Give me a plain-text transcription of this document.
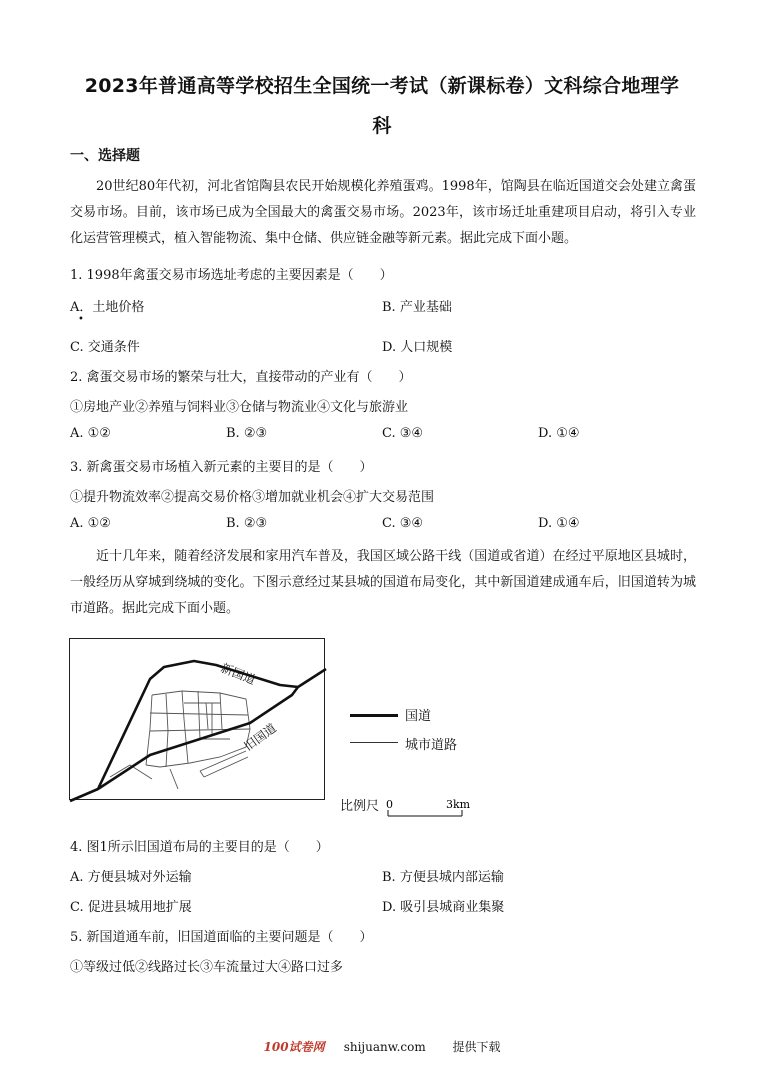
2023年普通高等学校招生全国统一考试（新课标卷）文科综合地理学
科
一、选择题
20世纪80年代初，河北省馆陶县农民开始规模化养殖蛋鸡。1998年，馆陶县在临近国道交会处建立禽蛋交易市场。目前，该市场已成为全国最大的禽蛋交易市场。2023年，该市场迁址重建项目启动，将引入专业化运营管理模式，植入智能物流、集中仓储、供应链金融等新元素。据此完成下面小题。
1. 1998年禽蛋交易市场选址考虑的主要因素是（　　）
A．土地价格
•
B. 产业基础
C. 交通条件	D. 人口规模
2. 禽蛋交易市场的繁荣与壮大，直接带动的产业有（　　）
①房地产业②养殖与饲料业③仓储与物流业④文化与旅游业
A. ①②	B. ②③	C. ③④	D. ①④
3. 新禽蛋交易市场植入新元素的主要目的是（　　）
①提升物流效率②提高交易价格③增加就业机会④扩大交易范围
A. ①②	B. ②③	C. ③④	D. ①④
近十几年来，随着经济发展和家用汽车普及，我国区域公路干线（国道或省道）在经过平原地区县城时，一般经历从穿城到绕城的变化。下图示意经过某县城的国道布局变化，其中新国道建成通车后，旧国道转为城市道路。据此完成下面小题。
新国道
旧国道
国道
城市道路
比例尺 0	3km
4. 图1所示旧国道布局的主要目的是（　　）
A. 方便县城对外运输	B. 方便县城内部运输
C. 促进县城用地扩展	D. 吸引县城商业集聚
5. 新国道通车前，旧国道面临的主要问题是（　　）
①等级过低②线路过长③车流量过大④路口过多
100试卷网 shijuanw.com 提供下载
